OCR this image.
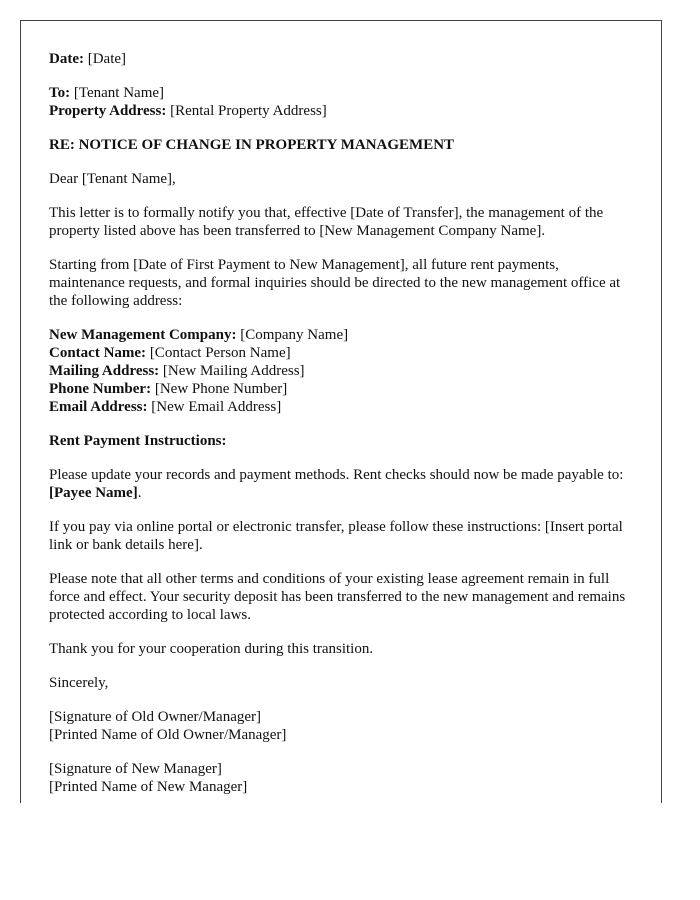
Date: [Date]

To: [Tenant Name]
Property Address: [Rental Property Address]

RE: NOTICE OF CHANGE IN PROPERTY MANAGEMENT

Dear [Tenant Name],

This letter is to formally notify you that, effective [Date of Transfer], the management of the property listed above has been transferred to [New Management Company Name].

Starting from [Date of First Payment to New Management], all future rent payments, maintenance requests, and formal inquiries should be directed to the new management office at the following address:

New Management Company: [Company Name]
Contact Name: [Contact Person Name]
Mailing Address: [New Mailing Address]
Phone Number: [New Phone Number]
Email Address: [New Email Address]

Rent Payment Instructions:

Please update your records and payment methods. Rent checks should now be made payable to: [Payee Name].

If you pay via online portal or electronic transfer, please follow these instructions: [Insert portal link or bank details here].

Please note that all other terms and conditions of your existing lease agreement remain in full force and effect. Your security deposit has been transferred to the new management and remains protected according to local laws.

Thank you for your cooperation during this transition.

Sincerely,

[Signature of Old Owner/Manager]
[Printed Name of Old Owner/Manager]

[Signature of New Manager]
[Printed Name of New Manager]
